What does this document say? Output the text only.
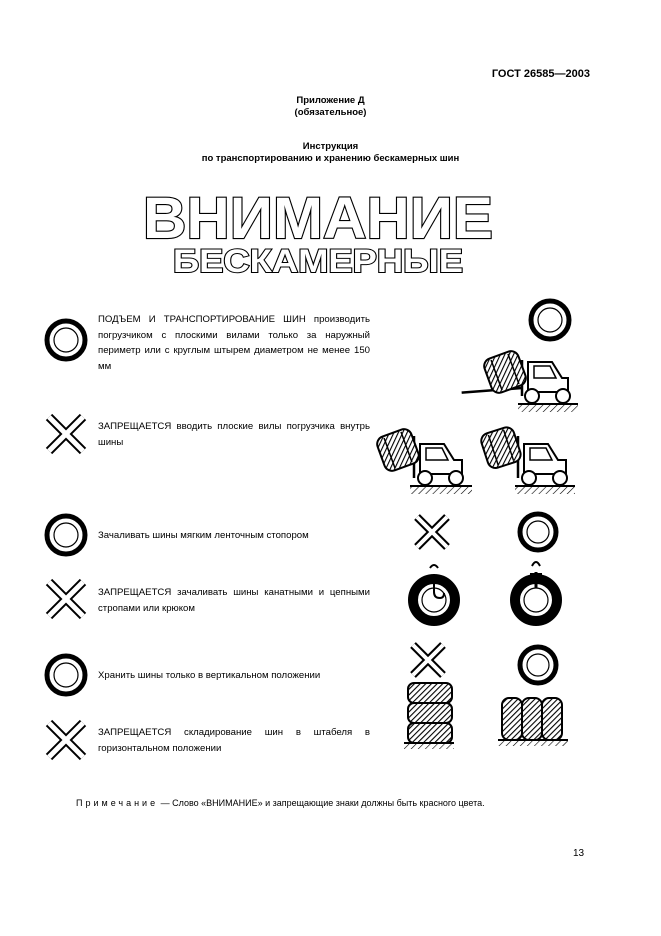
ГОСТ 26585—2003
Приложение Д
(обязательное)
Инструкция
по транспортированию и хранению бескамерных шин
ВНИМАНИЕ
БЕСКАМЕРНЫЕ
ПОДЪЕМ И ТРАНСПОРТИРОВАНИЕ ШИН производить погрузчиком с плоскими вилами только за наружный периметр или с круглым штырем диаметром не менее 150 мм
ЗАПРЕЩАЕТСЯ вводить плоские вилы погрузчика внутрь шины
Зачаливать шины мягким ленточным стопором
ЗАПРЕЩАЕТСЯ зачаливать шины канатными и цепными стропами или крюком
Хранить шины только в вертикальном положении
ЗАПРЕЩАЕТСЯ складирование шин в штабеля в горизонтальном положении
Примечание — Слово «ВНИМАНИЕ» и запрещающие знаки должны быть красного цвета.
13
